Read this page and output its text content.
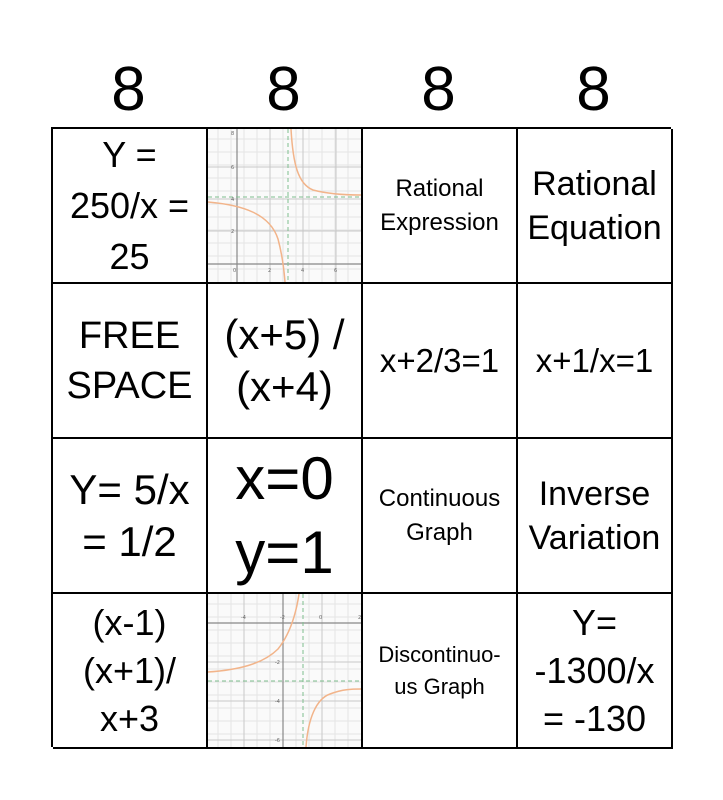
8	8	8	8
Y =
250/x =
25	0	2	4	6
8
6
4
2
Rational
Expression
Rational
Equation
FREE
SPACE
(x+5) /
(x+4)
x+2/3=1 x+1/x=1
Y= 5/x
= 1/2
x=0
y=1
Continuous
Graph
Inverse
Variation
(x-1)
(x+1)/
x+3
-4	-2	0	2
-2
-4
-6
Discontinuo-
us Graph
Y=
-1300/x
= -130
